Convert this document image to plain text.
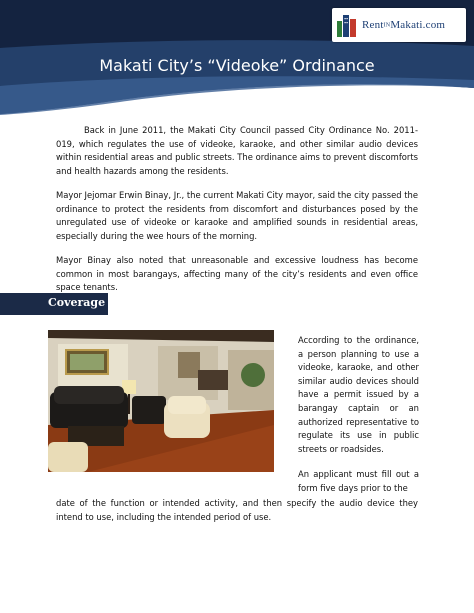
RentINMakati.com
Makati City’s “Videoke” Ordinance

Back in June 2011, the Makati City Council passed City Ordinance No. 2011-019, which regulates the use of videoke, karaoke, and other similar audio devices within residential areas and public streets. The ordinance aims to prevent discomforts and health hazards among the residents.

Mayor Jejomar Erwin Binay, Jr., the current Makati City mayor, said the city passed the ordinance to protect the residents from discomfort and disturbances posed by the unregulated use of videoke or karaoke and amplified sounds in residential areas, especially during the wee hours of the morning.

Mayor Binay also noted that unreasonable and excessive loudness has become common in most barangays, affecting many of the city’s residents and even office space tenants.

Coverage

According to the ordinance, a person planning to use a videoke, karaoke, and other similar audio devices should have a permit issued by a barangay captain or an authorized representative to regulate its use in public streets or roadsides.

An applicant must fill out a form five days prior to the

date of the function or intended activity, and then specify the audio device they intend to use, including the intended period of use.
